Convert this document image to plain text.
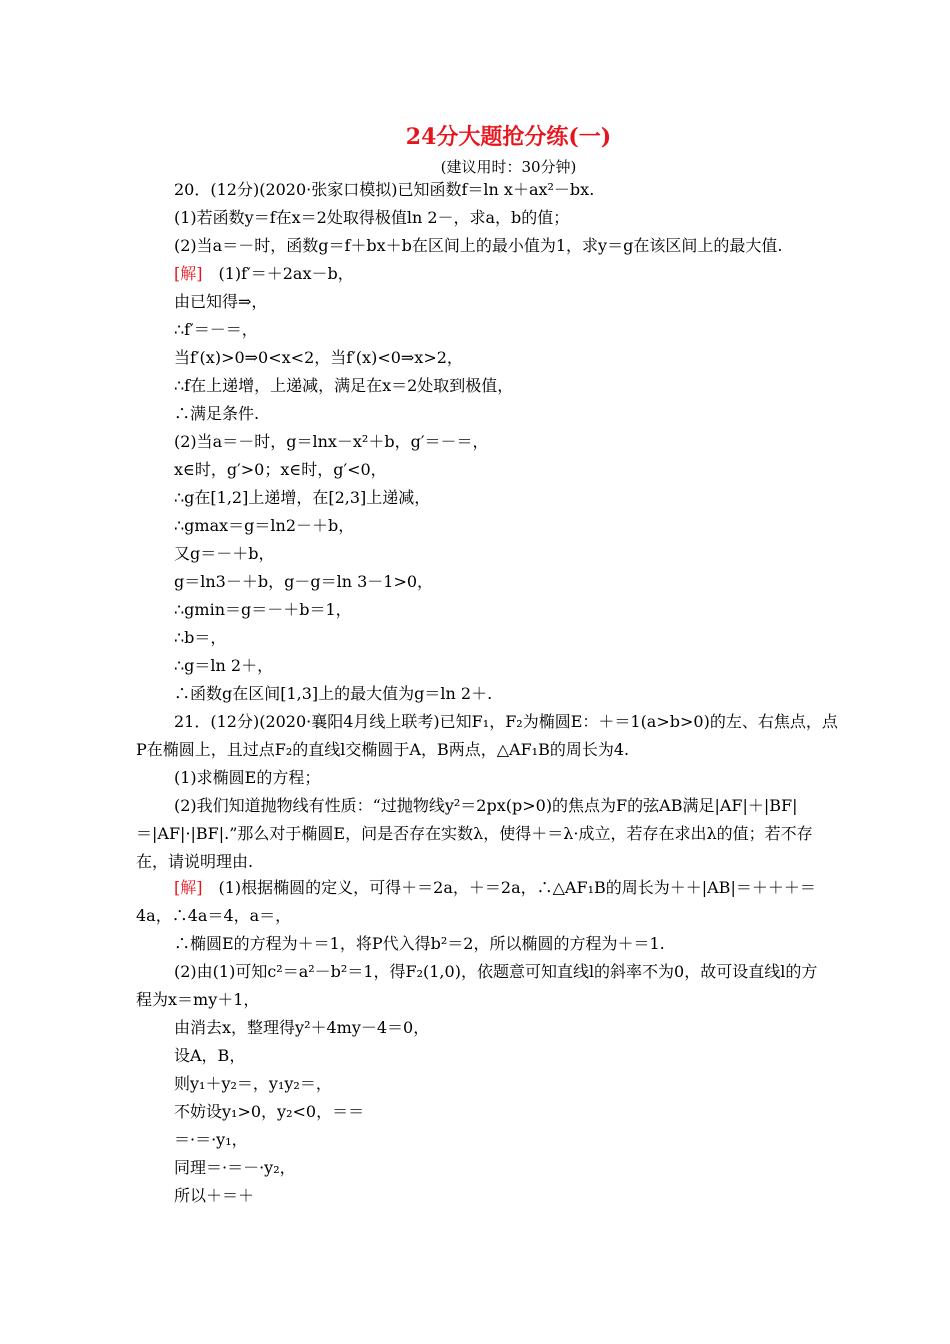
24分大题抢分练(一)
(建议用时：30分钟)
20．(12分)(2020·张家口模拟)已知函数f＝ln x＋ax²－bx.
(1)若函数y＝f在x＝2处取得极值ln 2－，求a，b的值；
(2)当a＝－时，函数g＝f＋bx＋b在区间上的最小值为1，求y＝g在该区间上的最大值.
[解]　(1)f′＝＋2ax－b，
由已知得⇒，
∴f′＝－＝，
当f′(x)>0⇒0<x<2，当f′(x)<0⇒x>2，
∴f在上递增，上递减，满足在x＝2处取到极值，
∴满足条件.
(2)当a＝－时，g＝lnx－x²＋b，g′＝－＝，
x∈时，g′>0；x∈时，g′<0，
∴g在[1,2]上递增，在[2,3]上递减，
∴gmax＝g＝ln2－＋b，
又g＝－＋b，
g＝ln3－＋b，g－g＝ln 3－1>0，
∴gmin＝g＝－＋b＝1，
∴b＝，
∴g＝ln 2＋，
∴函数g在区间[1,3]上的最大值为g＝ln 2＋.
21．(12分)(2020·襄阳4月线上联考)已知F₁，F₂为椭圆E：＋＝1(a>b>0)的左、右焦点，点
P在椭圆上，且过点F₂的直线l交椭圆于A，B两点，△AF₁B的周长为4.
(1)求椭圆E的方程；
(2)我们知道抛物线有性质：“过抛物线y²＝2px(p>0)的焦点为F的弦AB满足|AF|＋|BF|
＝|AF|·|BF|.”那么对于椭圆E，问是否存在实数λ，使得＋＝λ·成立，若存在求出λ的值；若不存
在，请说明理由.
[解]　(1)根据椭圆的定义，可得＋＝2a，＋＝2a，∴△AF₁B的周长为＋＋|AB|＝＋＋＋＝
4a，∴4a＝4，a＝，
∴椭圆E的方程为＋＝1，将P代入得b²＝2，所以椭圆的方程为＋＝1.
(2)由(1)可知c²＝a²－b²＝1，得F₂(1,0)，依题意可知直线l的斜率不为0，故可设直线l的方
程为x＝my＋1，
由消去x，整理得y²＋4my－4＝0，
设A，B，
则y₁＋y₂＝，y₁y₂＝，
不妨设y₁>0，y₂<0，＝＝
＝·＝·y₁，
同理＝·＝－·y₂，
所以＋＝＋
